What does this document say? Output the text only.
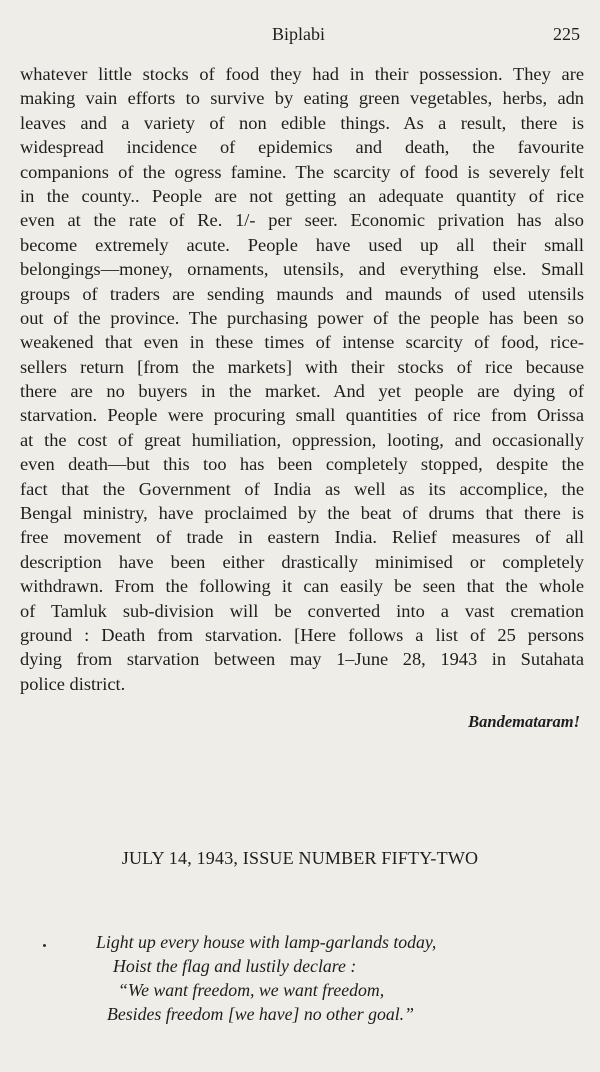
Biplabi	225
whatever little stocks of food they had in their possession. They are
making vain efforts to survive by eating green vegetables, herbs, adn
leaves and a variety of non edible things. As a result, there is
widespread incidence of epidemics and death, the favourite
companions of the ogress famine. The scarcity of food is severely felt
in the county.. People are not getting an adequate quantity of rice
even at the rate of Re. 1/- per seer. Economic privation has also
become extremely acute. People have used up all their small
belongings—money, ornaments, utensils, and everything else. Small
groups of traders are sending maunds and maunds of used utensils
out of the province. The purchasing power of the people has been so
weakened that even in these times of intense scarcity of food, rice-
sellers return [from the markets] with their stocks of rice because
there are no buyers in the market. And yet people are dying of
starvation. People were procuring small quantities of rice from Orissa
at the cost of great humiliation, oppression, looting, and occasionally
even death—but this too has been completely stopped, despite the
fact that the Government of India as well as its accomplice, the
Bengal ministry, have proclaimed by the beat of drums that there is
free movement of trade in eastern India. Relief measures of all
description have been either drastically minimised or completely
withdrawn. From the following it can easily be seen that the whole
of Tamluk sub-division will be converted into a vast cremation
ground : Death from starvation. [Here follows a list of 25 persons
dying from starvation between may 1–June 28, 1943 in Sutahata
police district.
Bandemataram!
JULY 14, 1943, ISSUE NUMBER FIFTY-TWO
Light up every house with lamp-garlands today,
Hoist the flag and lustily declare :
“We want freedom, we want freedom,
Besides freedom [we have] no other goal.”
